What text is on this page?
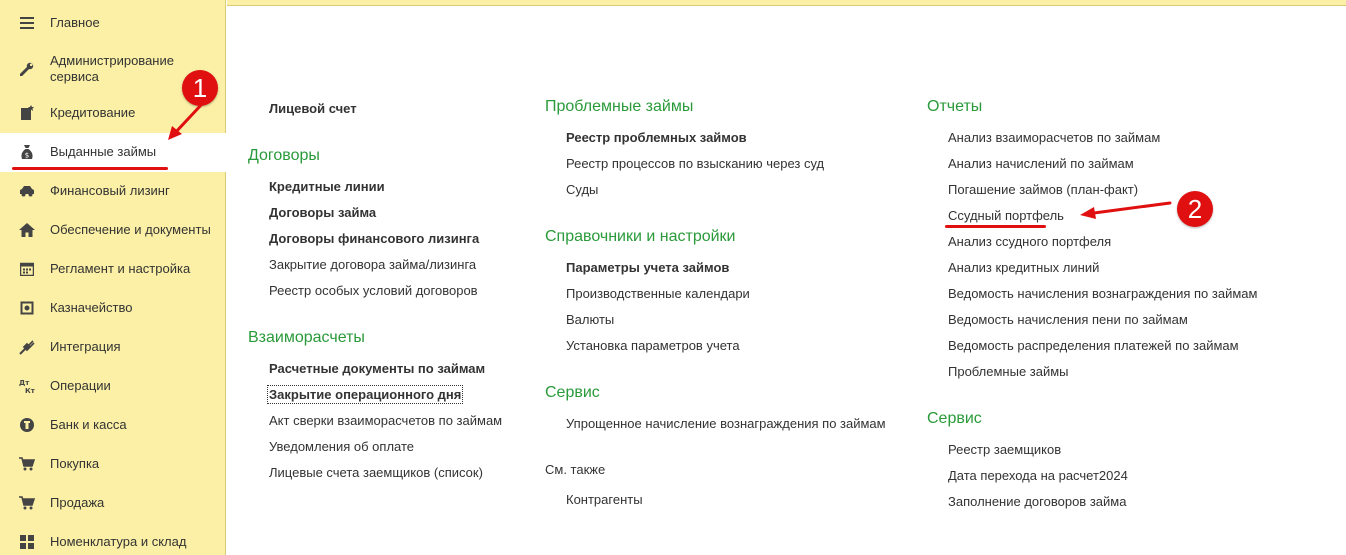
Главное
Администрирование
сервиса
Кредитование
$ Выданные займы
Финансовый лизинг
Обеспечение и документы
Регламент и настройка
Казначейство
Интеграция
Дт
Кт Операции
Банк и касса
Покупка
Продажа
Номенклатура и склад
1
Лицевой счет
Договоры
Кредитные линии
Договоры займа
Договоры финансового лизинга
Закрытие договора займа/лизинга
Реестр особых условий договоров
Взаиморасчеты
Расчетные документы по займам
Закрытие операционного дня
Акт сверки взаиморасчетов по займам
Уведомления об оплате
Лицевые счета заемщиков (список)
Проблемные займы
Реестр проблемных займов
Реестр процессов по взысканию через суд
Суды
Справочники и настройки
Параметры учета займов
Производственные календари
Валюты
Установка параметров учета
Сервис
Упрощенное начисление вознаграждения по займам
См. также
Контрагенты
Отчеты
Анализ взаиморасчетов по займам
Анализ начислений по займам
Погашение займов (план-факт)
Ссудный портфель
Анализ ссудного портфеля
Анализ кредитных линий
Ведомость начисления вознаграждения по займам
Ведомость начисления пени по займам
Ведомость распределения платежей по займам
Проблемные займы
Сервис
Реестр заемщиков
Дата перехода на расчет2024
Заполнение договоров займа
2
